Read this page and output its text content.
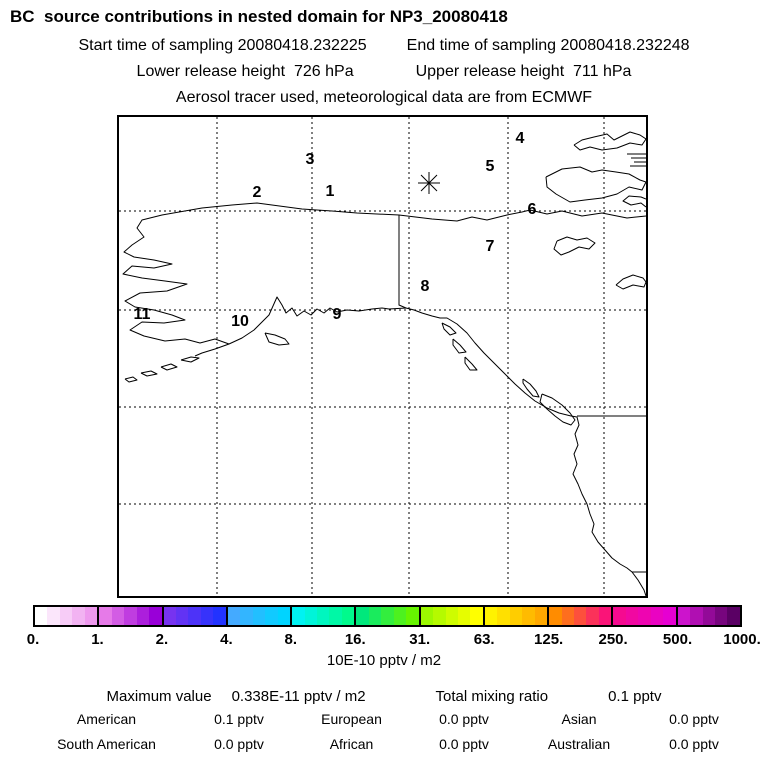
BC  source contributions in nested domain for NP3_20080418
Start time of sampling 20080418.232225	End time of sampling 20080418.232248
Lower release height  726 hPa	Upper release height  711 hPa
Aerosol tracer used, meteorological data are from ECMWF
1
2
3
4
5
6
7
8
9
10
11
0.	1.	2.	4.	8.	16.	31.	63.	125. 250. 500. 1000.
10E-10 pptv / m2
Maximum value 0.338E-11 pptv / m2	Total mixing ratio	0.1 pptv
American	0.1 pptv	European	0.0 pptv	Asian	0.0 pptv
South American	0.0 pptv	African	0.0 pptv	Australian	0.0 pptv
